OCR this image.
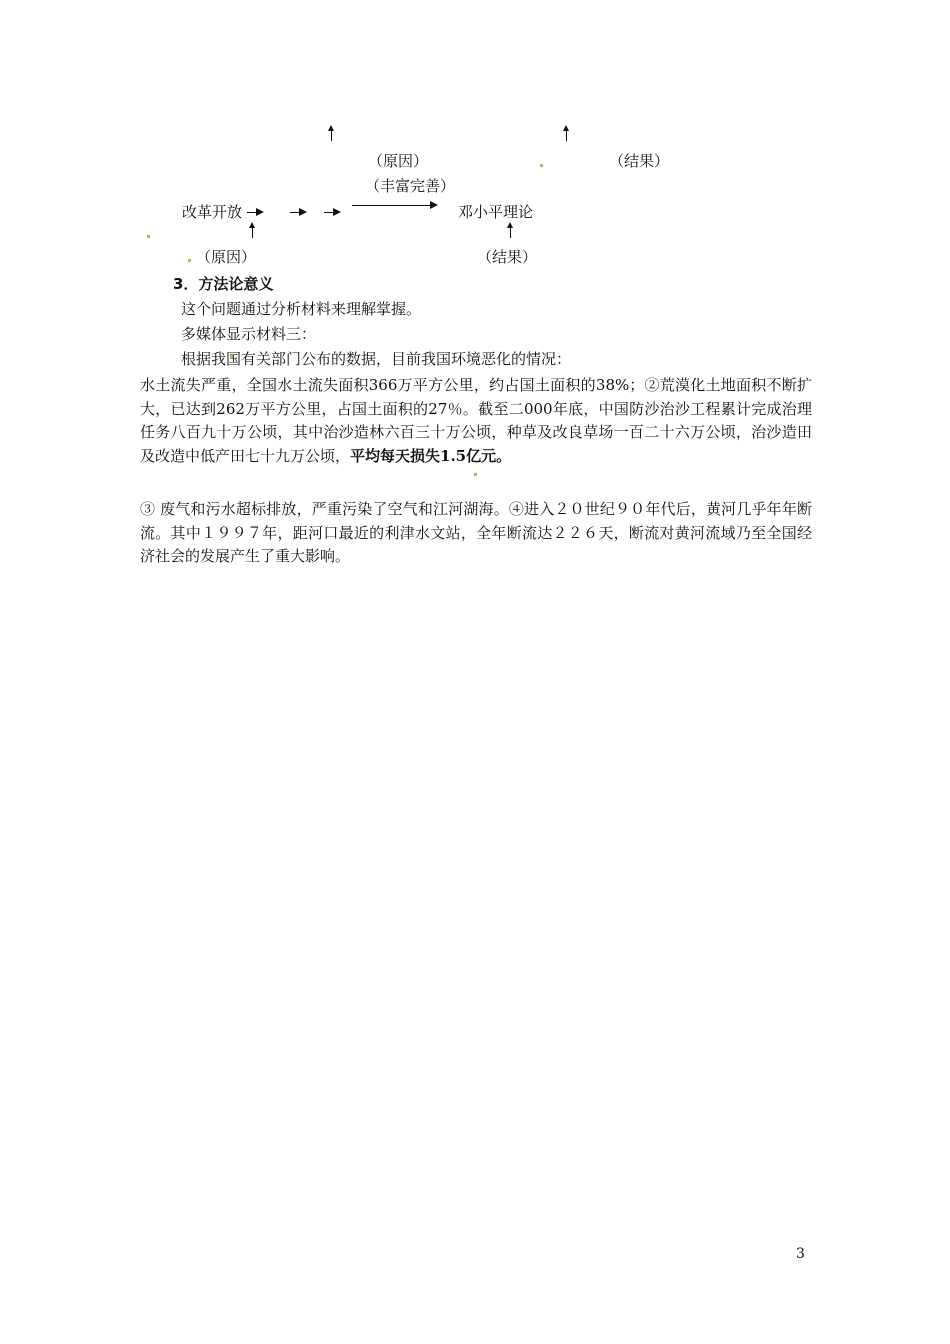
（原因）	（结果）
（丰富完善）
改革开放	邓小平理论
（原因）	（结果）
3．方法论意义
这个问题通过分析材料来理解掌握。
多媒体显示材料三：
根据我国有关部门公布的数据，目前我国环境恶化的情况：
水土流失严重，全国水土流失面积366万平方公里，约占国土面积的38%；②荒漠化土地面积不断扩大，已达到262万平方公里，占国土面积的27％。截至二000年底，中国防沙治沙工程累计完成治理任务八百九十万公顷，其中治沙造林六百三十万公顷，种草及改良草场一百二十六万公顷，治沙造田及改造中低产田七十九万公顷，平均每天损失1.5亿元。
③ 废气和污水超标排放，严重污染了空气和江河湖海。④进入２０世纪９０年代后，黄河几乎年年断流。其中１９９７年，距河口最近的利津水文站，全年断流达２２６天，断流对黄河流域乃至全国经济社会的发展产生了重大影响。
3
